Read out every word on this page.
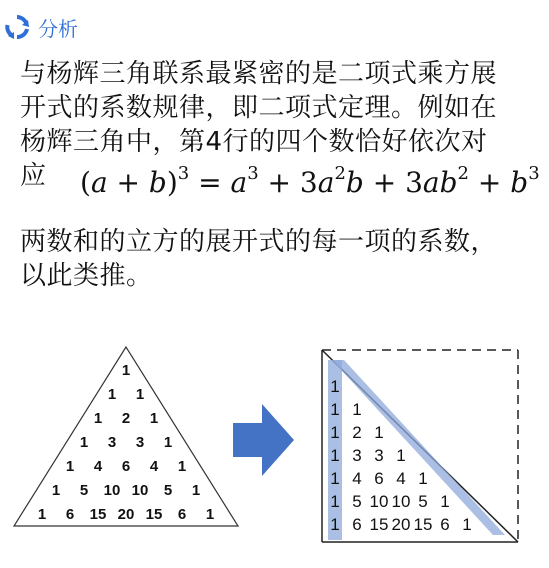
分析
与杨辉三角联系最紧密的是二项式乘方展
开式的系数规律，即二项式定理。例如在
杨辉三角中，第4行的四个数恰好依次对
应	$(a + b)^3 = a^3 + 3a^2b + 3ab^2 + b^3$
两数和的立方的展开式的每一项的系数，
以此类推。
1
1 1
1 2 1
1 3 3 1
1 4 6 4 1
1 5 10 10 5 1
1 6 15 20 15 6 1
1
1 1
1 2 1
1 3 3 1
1 4 6 4 1
1 5 10 10 5 1
1 6 15 20 15 6 1
